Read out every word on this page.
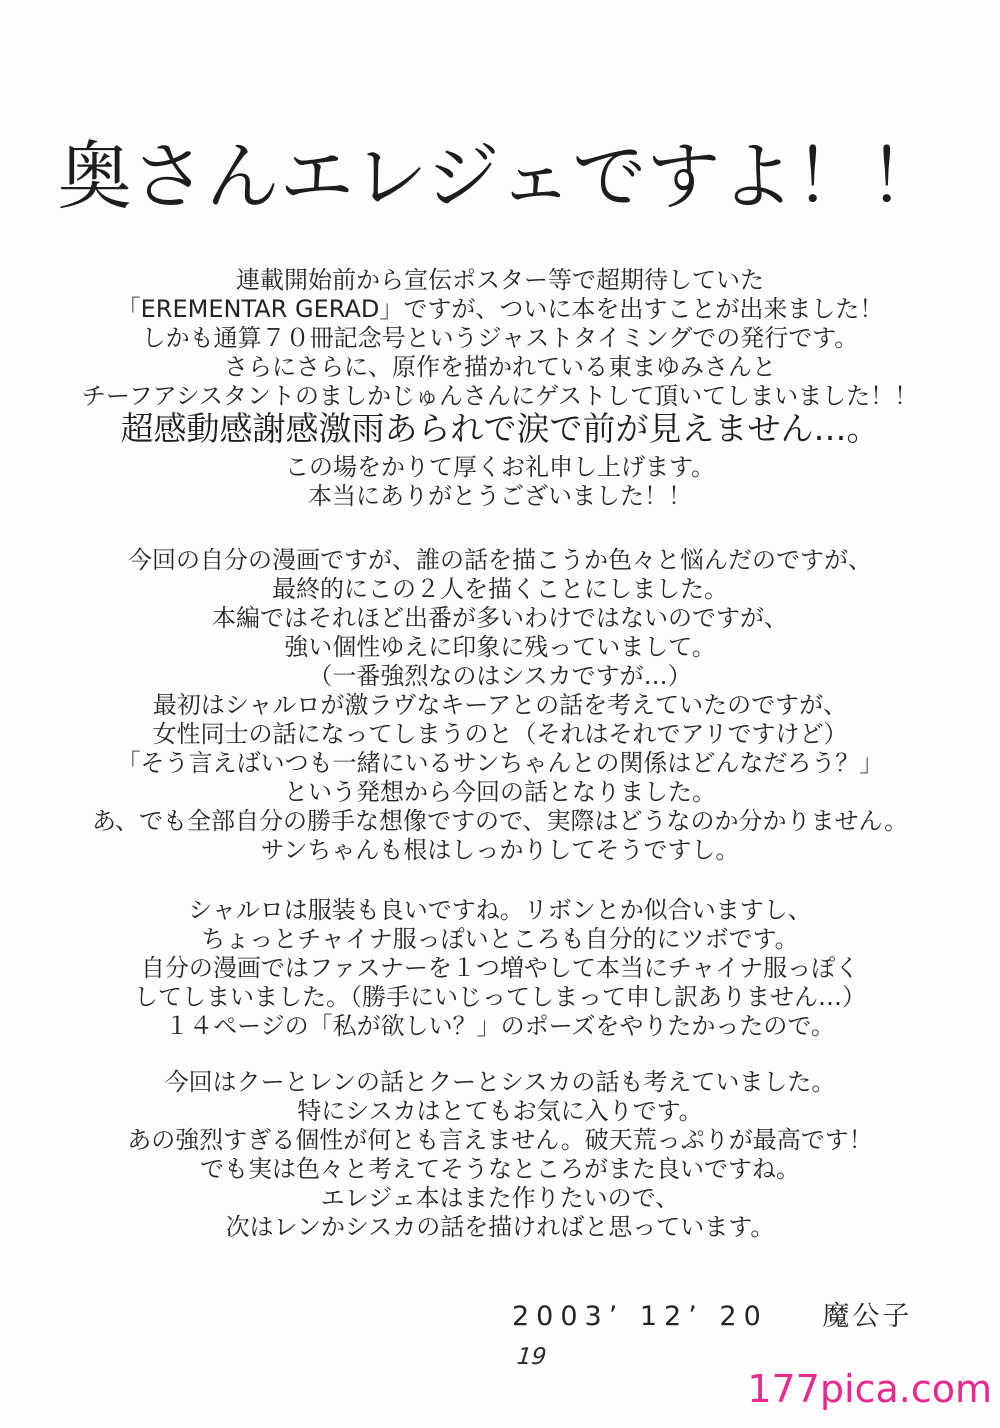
奥さんエレジェですよ！！

連載開始前から宣伝ポスター等で超期待していた

「EREMENTAR GERAD」ですが、ついに本を出すことが出来ました！

しかも通算７０冊記念号というジャストタイミングでの発行です。

さらにさらに、原作を描かれている東まゆみさんと

チーフアシスタントのましかじゅんさんにゲストして頂いてしまいました！！

超感動感謝感激雨あられで涙で前が見えません…。

この場をかりて厚くお礼申し上げます。

本当にありがとうございました！！

今回の自分の漫画ですが、誰の話を描こうか色々と悩んだのですが、

最終的にこの２人を描くことにしました。

本編ではそれほど出番が多いわけではないのですが、

強い個性ゆえに印象に残っていまして。

（一番強烈なのはシスカですが…）

最初はシャルロが激ラヴなキーアとの話を考えていたのですが、

女性同士の話になってしまうのと（それはそれでアリですけど）

「そう言えばいつも一緒にいるサンちゃんとの関係はどんなだろう？」

という発想から今回の話となりました。

あ、でも全部自分の勝手な想像ですので、実際はどうなのか分かりません。

サンちゃんも根はしっかりしてそうですし。

シャルロは服装も良いですね。リボンとか似合いますし、

ちょっとチャイナ服っぽいところも自分的にツボです。

自分の漫画ではファスナーを１つ増やして本当にチャイナ服っぽく

してしまいました。（勝手にいじってしまって申し訳ありません…）

１４ページの「私が欲しい？」のポーズをやりたかったので。

今回はクーとレンの話とクーとシスカの話も考えていました。

特にシスカはとてもお気に入りです。

あの強烈すぎる個性が何とも言えません。破天荒っぷりが最高です！

でも実は色々と考えてそうなところがまた良いですね。

エレジェ本はまた作りたいので、

次はレンかシスカの話を描ければと思っています。

2003’ 12’ 20 魔公子
19
177pica.com
